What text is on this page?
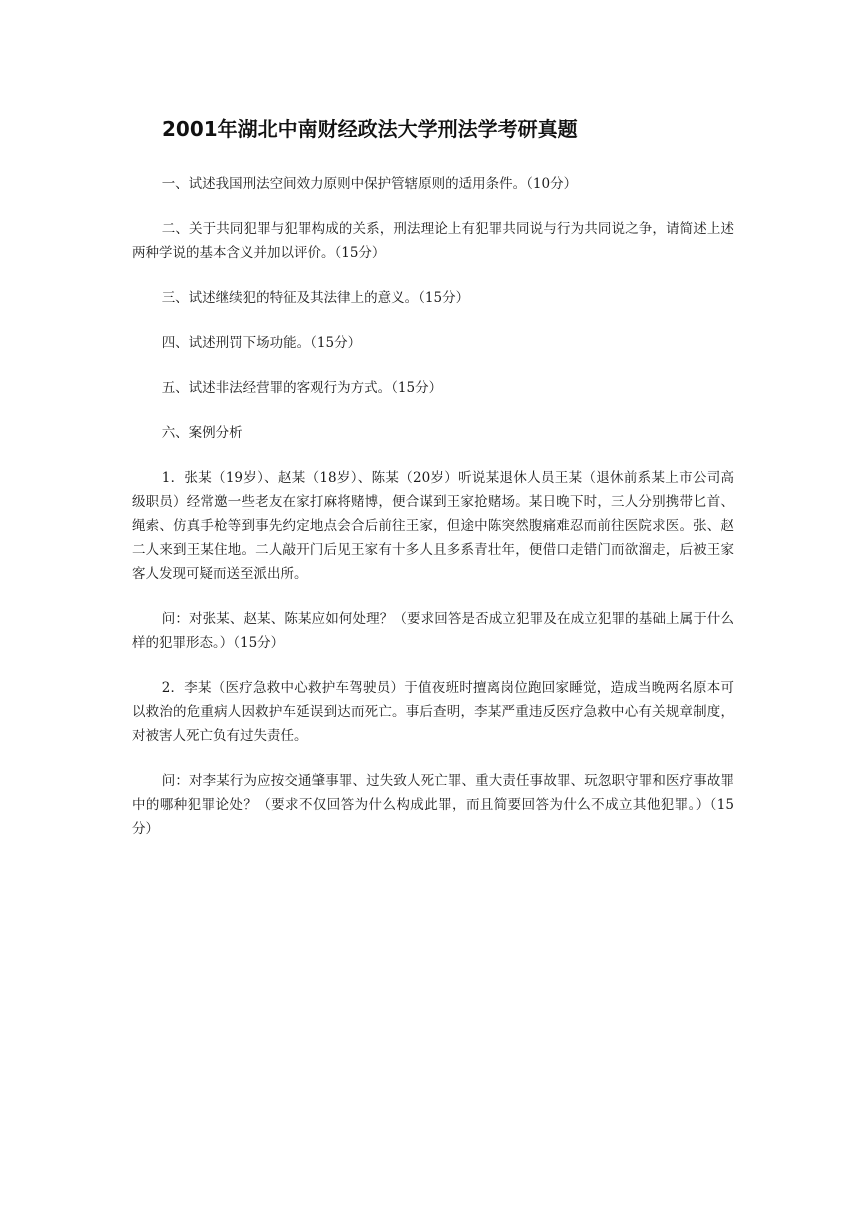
2001年湖北中南财经政法大学刑法学考研真题

一、试述我国刑法空间效力原则中保护管辖原则的适用条件。（10分）

二、关于共同犯罪与犯罪构成的关系，刑法理论上有犯罪共同说与行为共同说之争，请简述上述两种学说的基本含义并加以评价。（15分）

三、试述继续犯的特征及其法律上的意义。（15分）

四、试述刑罚下场功能。（15分）

五、试述非法经营罪的客观行为方式。（15分）

六、案例分析

1．张某（19岁）、赵某（18岁）、陈某（20岁）听说某退休人员王某（退休前系某上市公司高级职员）经常邀一些老友在家打麻将赌博，便合谋到王家抢赌场。某日晚下时，三人分别携带匕首、绳索、仿真手枪等到事先约定地点会合后前往王家，但途中陈突然腹痛难忍而前往医院求医。张、赵二人来到王某住地。二人敲开门后见王家有十多人且多系青壮年，便借口走错门而欲溜走，后被王家客人发现可疑而送至派出所。

问：对张某、赵某、陈某应如何处理？（要求回答是否成立犯罪及在成立犯罪的基础上属于什么样的犯罪形态。）（15分）

2．李某（医疗急救中心救护车驾驶员）于值夜班时擅离岗位跑回家睡觉，造成当晚两名原本可以救治的危重病人因救护车延误到达而死亡。事后查明，李某严重违反医疗急救中心有关规章制度，对被害人死亡负有过失责任。

问：对李某行为应按交通肇事罪、过失致人死亡罪、重大责任事故罪、玩忽职守罪和医疗事故罪中的哪种犯罪论处？（要求不仅回答为什么构成此罪，而且简要回答为什么不成立其他犯罪。）（15分）
